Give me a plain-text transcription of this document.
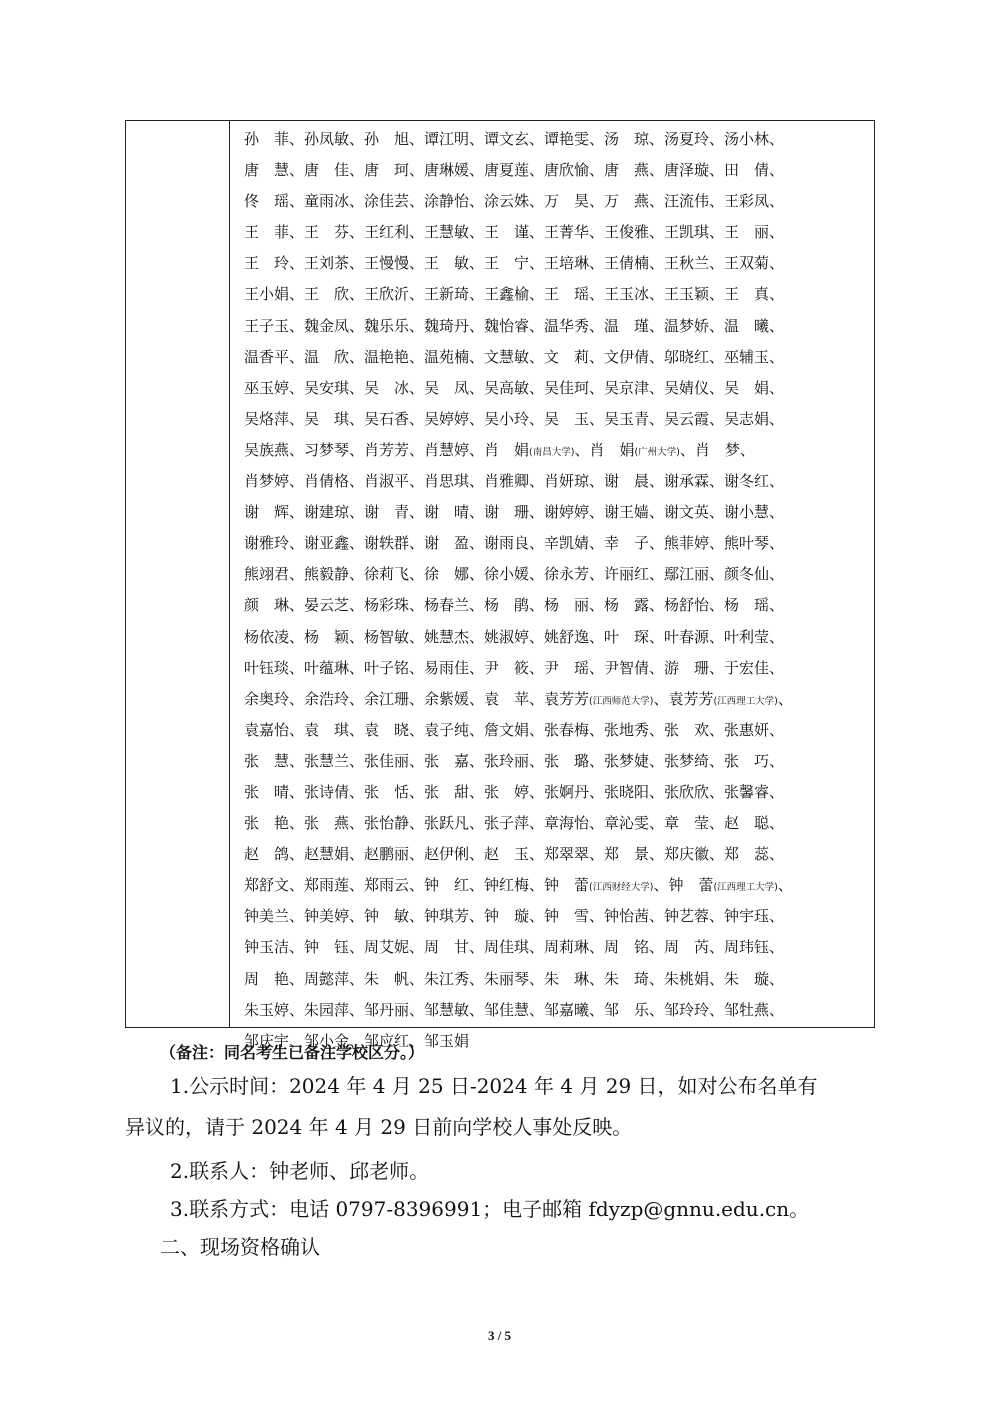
孙　菲、孙凤敏、孙　旭、谭江明、谭文玄、谭艳雯、汤　琼、汤夏玲、汤小林、
唐　慧、唐　佳、唐　珂、唐琳媛、唐夏莲、唐欣愉、唐　燕、唐泽璇、田　倩、
佟　瑶、童雨冰、涂佳芸、涂静怡、涂云姝、万　昊、万　燕、汪流伟、王彩凤、
王　菲、王　芬、王红利、王慧敏、王　谨、王菁华、王俊雅、王凯琪、王　丽、
王　玲、王刘茶、王慢慢、王　敏、王　宁、王培琳、王倩楠、王秋兰、王双菊、
王小娟、王　欣、王欣沂、王新琦、王鑫榆、王　瑶、王玉冰、王玉颖、王　真、
王子玉、魏金凤、魏乐乐、魏琦丹、魏怡睿、温华秀、温　瑾、温梦娇、温　曦、
温香平、温　欣、温艳艳、温苑楠、文慧敏、文　莉、文伊倩、邬晓红、巫辅玉、
巫玉婷、吴安琪、吴　冰、吴　凤、吴高敏、吴佳珂、吴京津、吴婧仪、吴　娟、
吴烙萍、吴　琪、吴石香、吴婷婷、吴小玲、吴　玉、吴玉青、吴云霞、吴志娟、
吴族燕、习梦琴、肖芳芳、肖慧婷、肖　娟(南昌大学)、肖　娟(广州大学)、肖　梦、
肖梦婷、肖倩格、肖淑平、肖思琪、肖雅卿、肖妍琼、谢　晨、谢承霖、谢冬红、
谢　辉、谢建琼、谢　青、谢　晴、谢　珊、谢婷婷、谢王嫱、谢文英、谢小慧、
谢雅玲、谢亚鑫、谢轶群、谢　盈、谢雨良、辛凯婧、幸　子、熊菲婷、熊叶琴、
熊翊君、熊毅静、徐莉飞、徐　娜、徐小媛、徐永芳、许丽红、鄢江丽、颜冬仙、
颜　琳、晏云芝、杨彩珠、杨春兰、杨　鹃、杨　丽、杨　露、杨舒怡、杨　瑶、
杨依凌、杨　颖、杨智敏、姚慧杰、姚淑婷、姚舒逸、叶　琛、叶春源、叶利莹、
叶钰琰、叶蕴琳、叶子铭、易雨佳、尹　筱、尹　瑶、尹智倩、游　珊、于宏佳、
余奥玲、余浩玲、余江珊、余紫媛、袁　苹、袁芳芳(江西师范大学)、袁芳芳(江西理工大学)、
袁嘉怡、袁　琪、袁　晓、袁子纯、詹文娟、张春梅、张地秀、张　欢、张惠妍、
张　慧、张慧兰、张佳丽、张　嘉、张玲丽、张　璐、张梦婕、张梦绮、张　巧、
张　晴、张诗倩、张　恬、张　甜、张　婷、张婀丹、张晓阳、张欣欣、张馨睿、
张　艳、张　燕、张怡静、张跃凡、张子萍、章海怡、章沁雯、章　莹、赵　聪、
赵　鸽、赵慧娟、赵鹏丽、赵伊俐、赵　玉、郑翠翠、郑　景、郑庆徽、郑　蕊、
郑舒文、郑雨莲、郑雨云、钟　红、钟红梅、钟　蕾(江西财经大学)、钟　蕾(江西理工大学)、
钟美兰、钟美婷、钟　敏、钟琪芳、钟　璇、钟　雪、钟怡茜、钟艺蓉、钟宇珏、
钟玉洁、钟　钰、周艾妮、周　甘、周佳琪、周莉琳、周　铭、周　芮、周玮钰、
周　艳、周懿萍、朱　帆、朱江秀、朱丽琴、朱　琳、朱　琦、朱桃娟、朱　璇、
朱玉婷、朱园萍、邹丹丽、邹慧敏、邹佳慧、邹嘉曦、邹　乐、邹玲玲、邹牡燕、
邹庆宇、邹小金、邹应红、邹玉娟
（备注：同名考生已备注学校区分。）
1.公示时间：2024 年 4 月 25 日-2024 年 4 月 29 日，如对公布名单有
异议的，请于 2024 年 4 月 29 日前向学校人事处反映。
2.联系人：钟老师、邱老师。
3.联系方式：电话 0797-8396991；电子邮箱 fdyzp@gnnu.edu.cn。
二、现场资格确认
3 / 5
